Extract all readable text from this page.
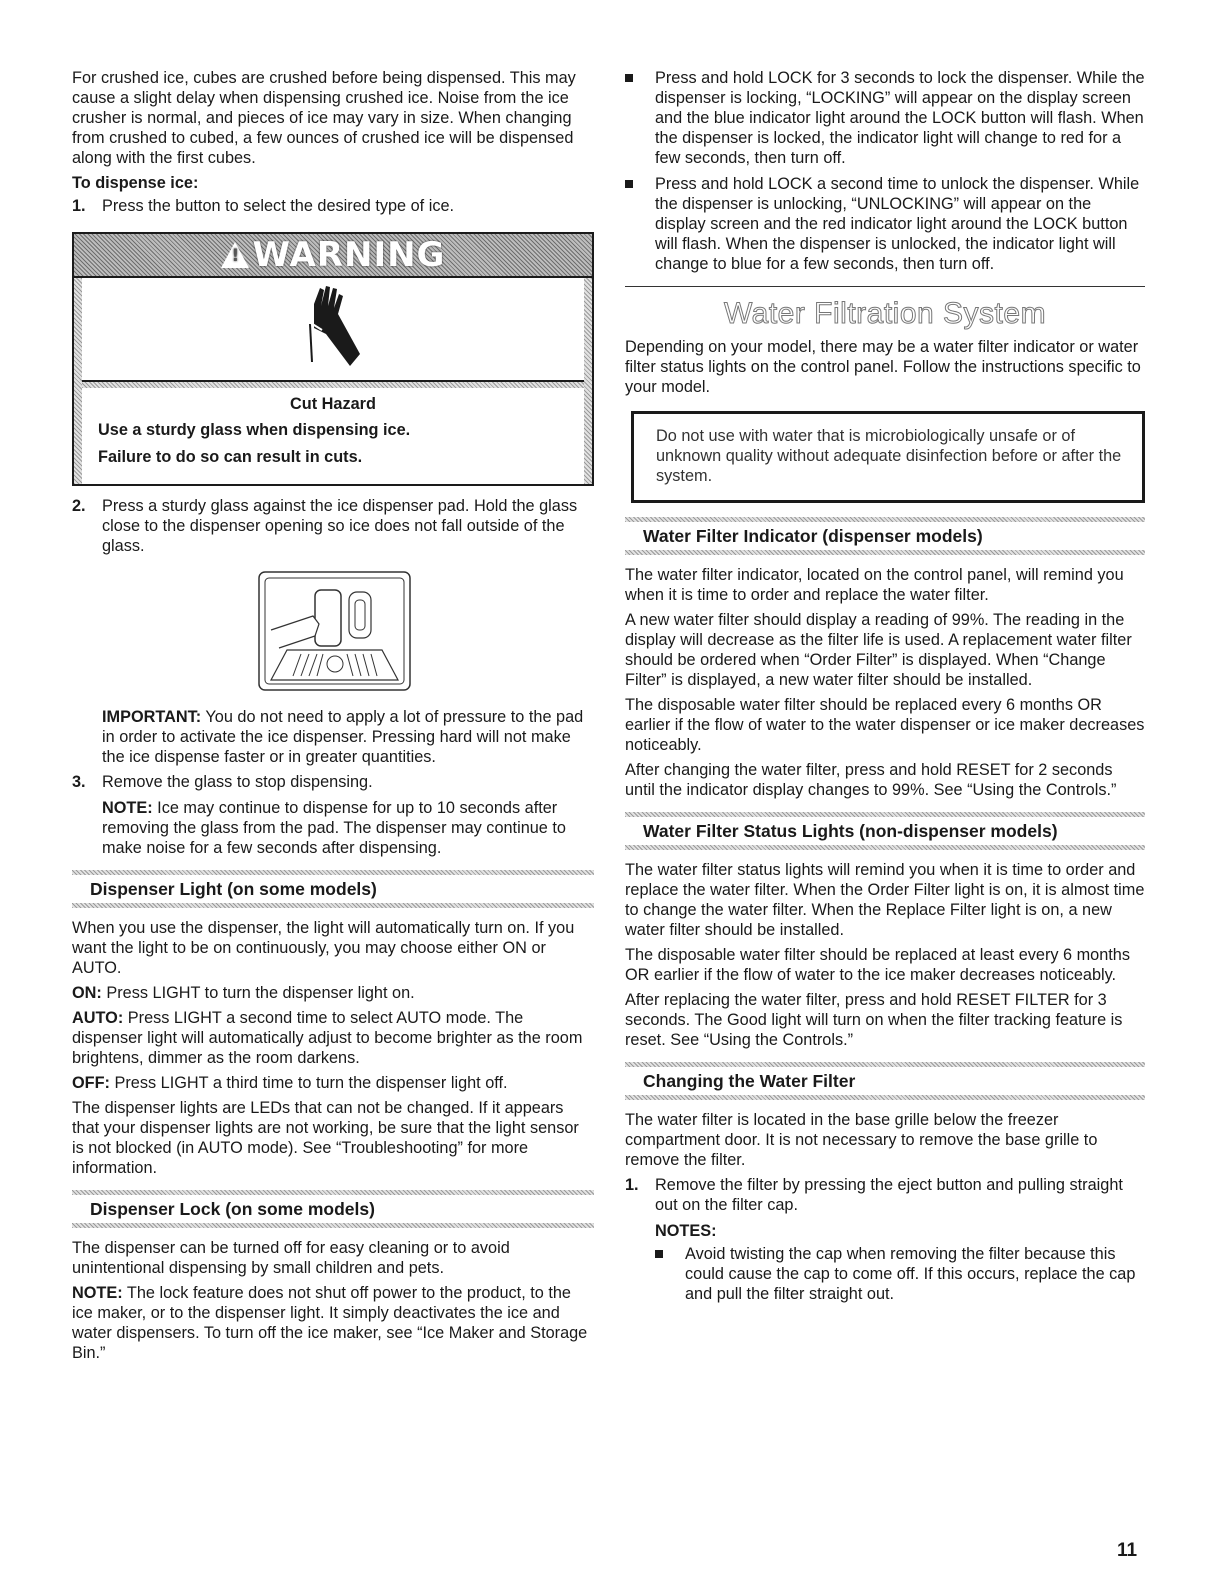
For crushed ice, cubes are crushed before being dispensed. This may cause a slight delay when dispensing crushed ice. Noise from the ice crusher is normal, and pieces of ice may vary in size. When changing from crushed to cubed, a few ounces of crushed ice will be dispensed along with the first cubes.

To dispense ice:
1. Press the button to select the desired type of ice.
!
WARNING
Cut Hazard

Use a sturdy glass when dispensing ice.

Failure to do so can result in cuts.

2. Press a sturdy glass against the ice dispenser pad. Hold the glass close to the dispenser opening so ice does not fall outside of the glass.

IMPORTANT: You do not need to apply a lot of pressure to the pad in order to activate the ice dispenser. Pressing hard will not make the ice dispense faster or in greater quantities.

3. Remove the glass to stop dispensing.

NOTE: Ice may continue to dispense for up to 10 seconds after removing the glass from the pad. The dispenser may continue to make noise for a few seconds after dispensing.

Dispenser Light (on some models)

When you use the dispenser, the light will automatically turn on. If you want the light to be on continuously, you may choose either ON or AUTO.

ON: Press LIGHT to turn the dispenser light on.

AUTO: Press LIGHT a second time to select AUTO mode. The dispenser light will automatically adjust to become brighter as the room brightens, dimmer as the room darkens.

OFF: Press LIGHT a third time to turn the dispenser light off.

The dispenser lights are LEDs that can not be changed. If it appears that your dispenser lights are not working, be sure that the light sensor is not blocked (in AUTO mode). See “Troubleshooting” for more information.

Dispenser Lock (on some models)

The dispenser can be turned off for easy cleaning or to avoid unintentional dispensing by small children and pets.

NOTE: The lock feature does not shut off power to the product, to the ice maker, or to the dispenser light. It simply deactivates the ice and water dispensers. To turn off the ice maker, see “Ice Maker and Storage Bin.”

Press and hold LOCK for 3 seconds to lock the dispenser. While the dispenser is locking, “LOCKING” will appear on the display screen and the blue indicator light around the LOCK button will flash. When the dispenser is locked, the indicator light will change to red for a few seconds, then turn off.
Press and hold LOCK a second time to unlock the dispenser. While the dispenser is unlocking, “UNLOCKING” will appear on the display screen and the red indicator light around the LOCK button will flash. When the dispenser is unlocked, the indicator light will change to blue for a few seconds, then turn off.
Water Filtration System

Depending on your model, there may be a water filter indicator or water filter status lights on the control panel. Follow the instructions specific to your model.

Do not use with water that is microbiologically unsafe or of unknown quality without adequate disinfection before or after the system.
Water Filter Indicator (dispenser models)

The water filter indicator, located on the control panel, will remind you when it is time to order and replace the water filter.

A new water filter should display a reading of 99%. The reading in the display will decrease as the filter life is used. A replacement water filter should be ordered when “Order Filter” is displayed. When “Change Filter” is displayed, a new water filter should be installed.

The disposable water filter should be replaced every 6 months OR earlier if the flow of water to the water dispenser or ice maker decreases noticeably.

After changing the water filter, press and hold RESET for 2 seconds until the indicator display changes to 99%. See “Using the Controls.”

Water Filter Status Lights (non-dispenser models)

The water filter status lights will remind you when it is time to order and replace the water filter. When the Order Filter light is on, it is almost time to change the water filter. When the Replace Filter light is on, a new water filter should be installed.

The disposable water filter should be replaced at least every 6 months OR earlier if the flow of water to the ice maker decreases noticeably.

After replacing the water filter, press and hold RESET FILTER for 3 seconds. The Good light will turn on when the filter tracking feature is reset. See “Using the Controls.”

Changing the Water Filter

The water filter is located in the base grille below the freezer compartment door. It is not necessary to remove the base grille to remove the filter.

1. Remove the filter by pressing the eject button and pulling straight out on the filter cap.
NOTES:
Avoid twisting the cap when removing the filter because this could cause the cap to come off. If this occurs, replace the cap and pull the filter straight out.
11
